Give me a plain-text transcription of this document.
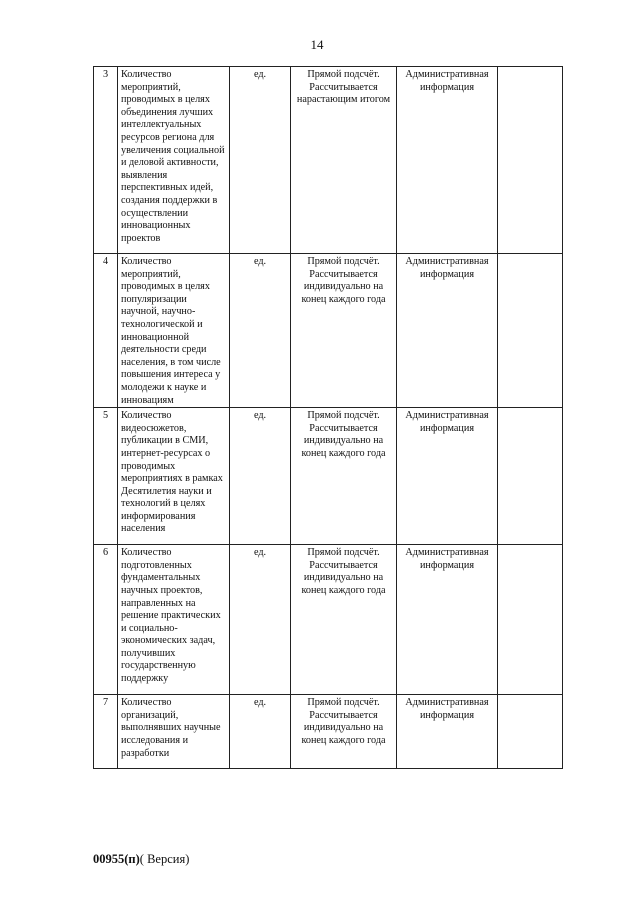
14
3	Количество мероприятий, проводимых в целях объединения лучших интеллектуальных ресурсов региона для увеличения социальной и деловой активности, выявления перспективных идей, создания поддержки в осуществлении инновационных проектов	ед.	Прямой подсчёт. Рассчитывается нарастающим итогом	Административная информация	
4	Количество мероприятий, проводимых в целях популяризации научной, научно-технологической и инновационной деятельности среди населения, в том числе повышения интереса у молодежи к науке и инновациям	ед.	Прямой подсчёт. Рассчитывается индивидуально на конец каждого года	Административная информация	
5	Количество видеосюжетов, публикации в СМИ, интернет-ресурсах о проводимых мероприятиях в рамках Десятилетия науки и технологий в целях информирования населения	ед.	Прямой подсчёт. Рассчитывается индивидуально на конец каждого года	Административная информация	
6	Количество подготовленных фундаментальных научных проектов, направленных на решение практических и социально-экономических задач, получивших государственную поддержку	ед.	Прямой подсчёт. Рассчитывается индивидуально на конец каждого года	Административная информация	
7	Количество организаций, выполнявших научные исследования и разработки	ед.	Прямой подсчёт. Рассчитывается индивидуально на конец каждого года	Административная информация	
00955(п)( Версия)
